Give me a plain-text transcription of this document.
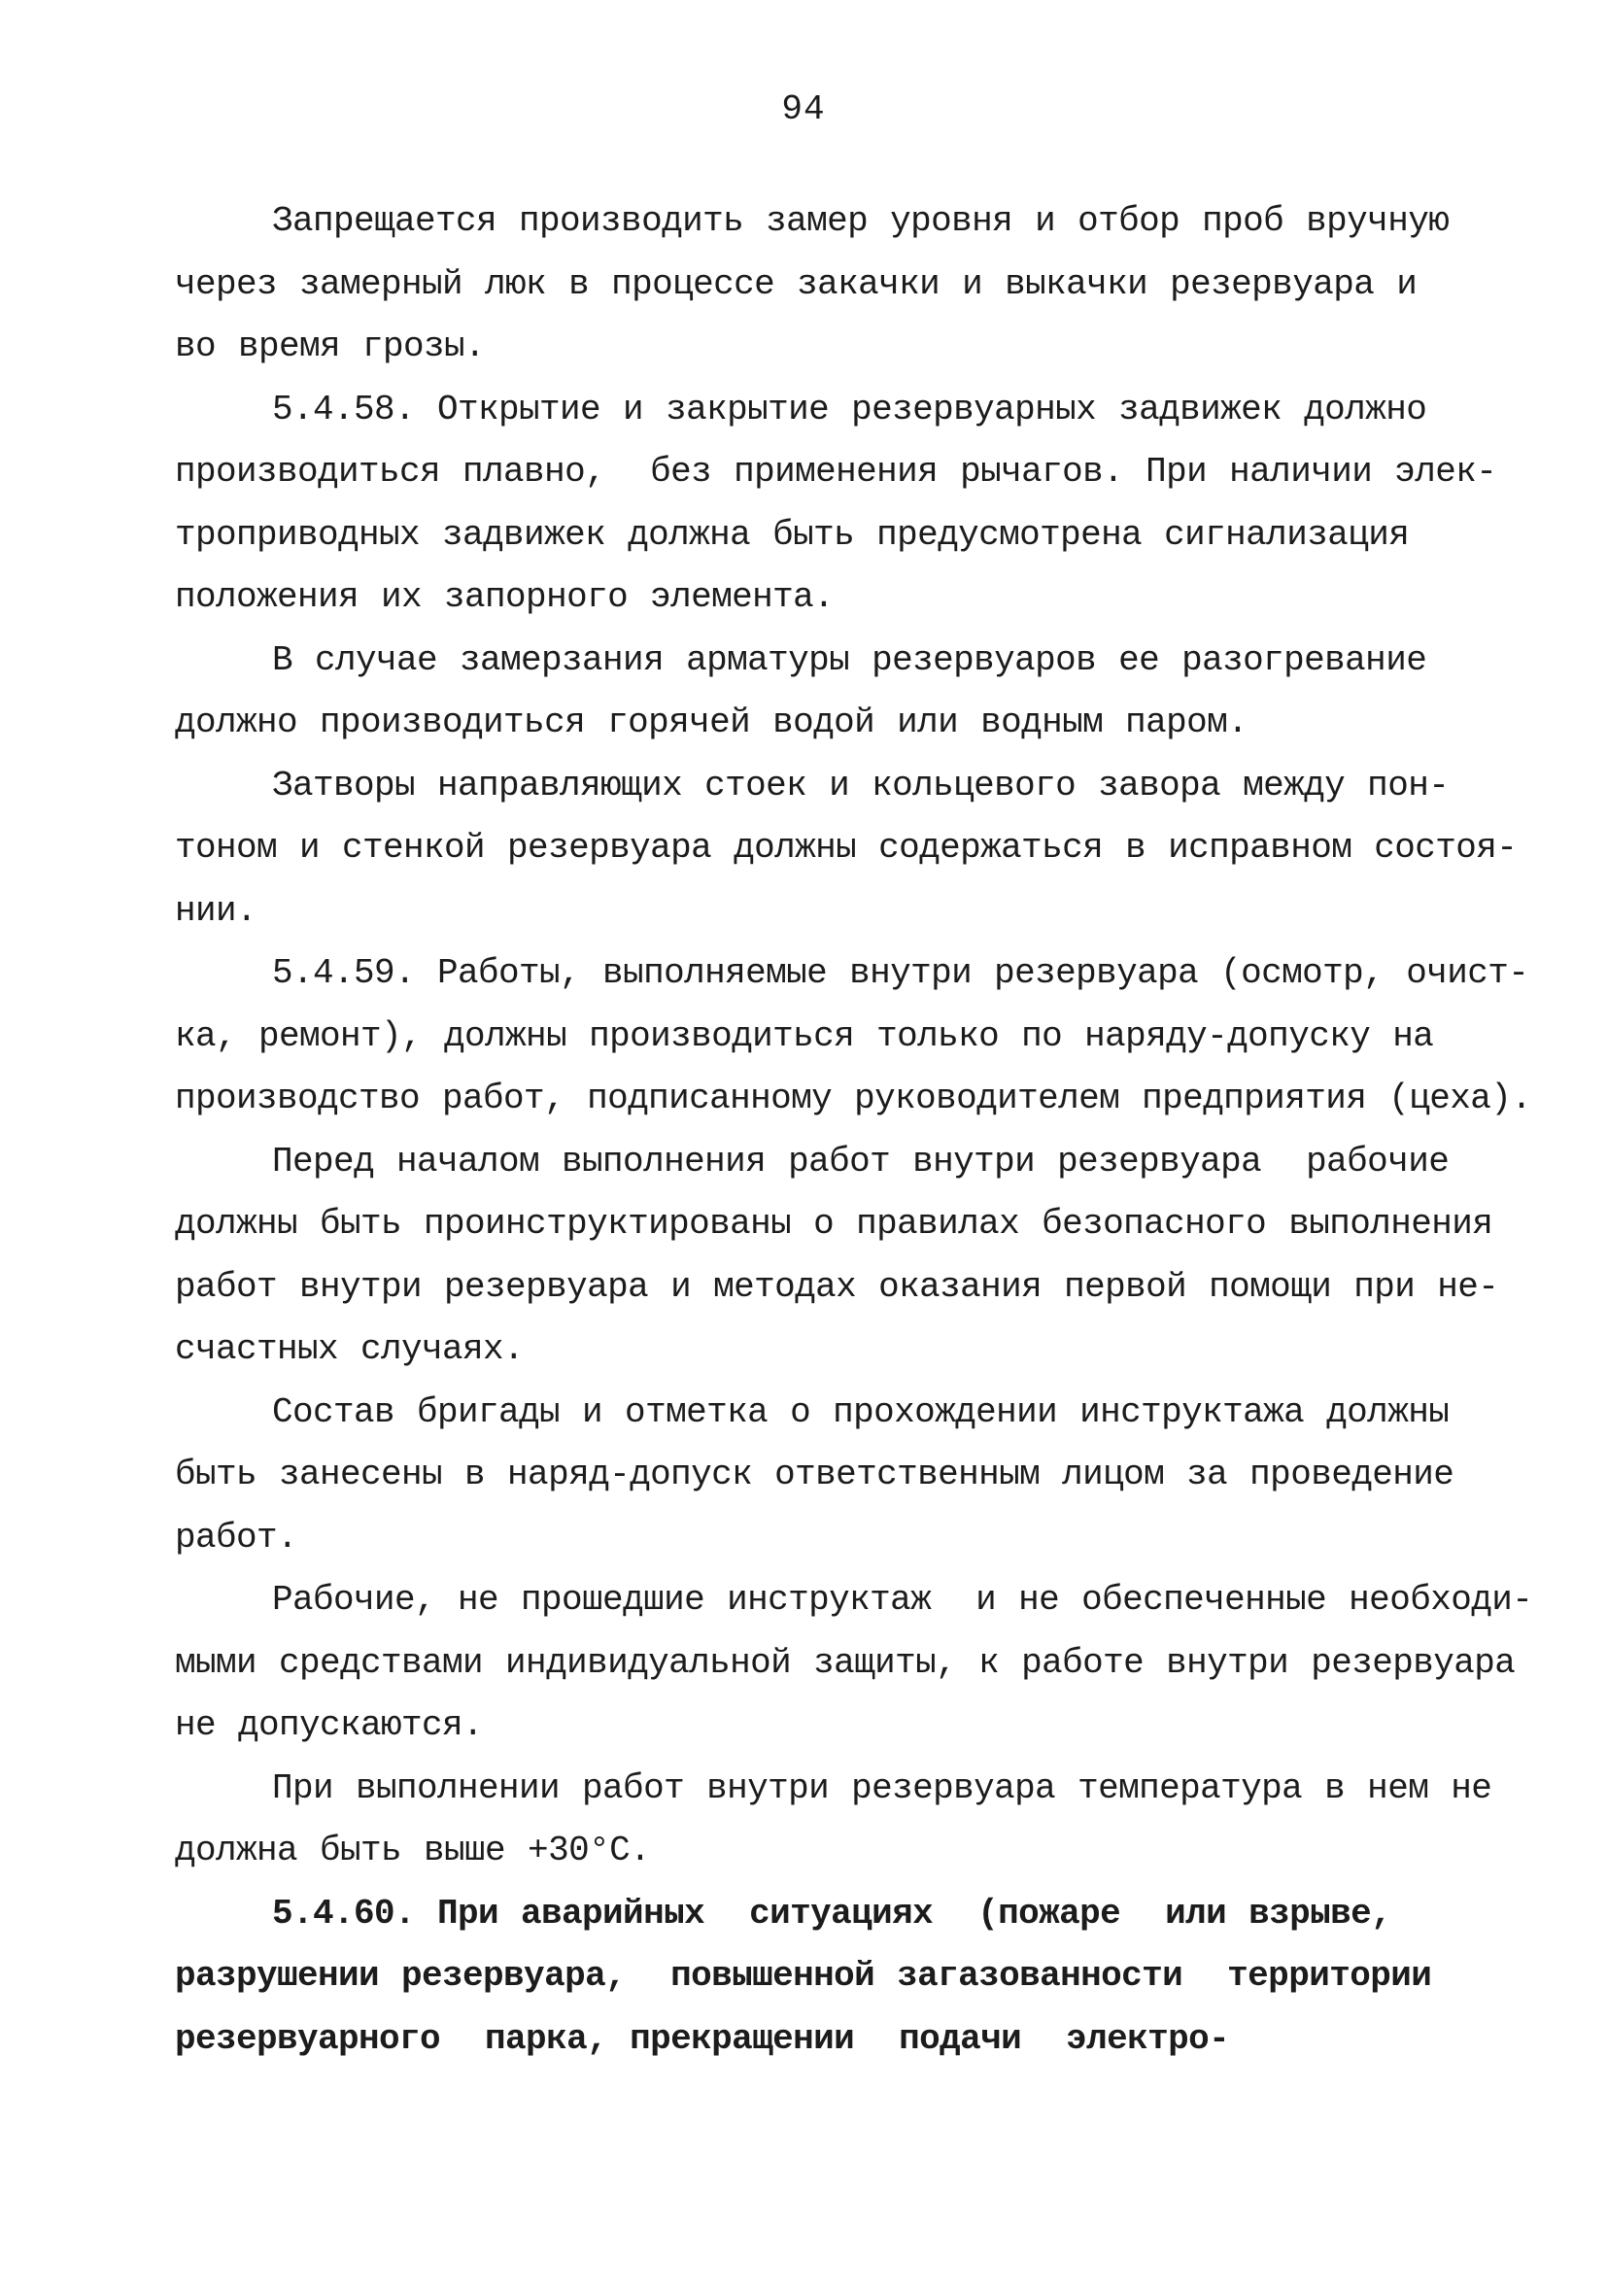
94
Запрещается производить замер уровня и отбор проб вручную
через замерный люк в процессе закачки и выкачки резервуара и
во время грозы.
5.4.58. Открытие и закрытие резервуарных задвижек должно
производиться плавно,  без применения рычагов. При наличии элек-
троприводных задвижек должна быть предусмотрена сигнализация
положения их запорного элемента.
В случае замерзания арматуры резервуаров ее разогревание
должно производиться горячей водой или водным паром.
Затворы направляющих стоек и кольцевого завора между пон-
тоном и стенкой резервуара должны содержаться в исправном состоя-
нии.
5.4.59. Работы, выполняемые внутри резервуара (осмотр, очист-
ка, ремонт), должны производиться только по наряду-допуску на
производство работ, подписанному руководителем предприятия (цеха).
Перед началом выполнения работ внутри резервуара  рабочие
должны быть проинструктированы о правилах безопасного выполнения
работ внутри резервуара и методах оказания первой помощи при не-
счастных случаях.
Состав бригады и отметка о прохождении инструктажа должны
быть занесены в наряд-допуск ответственным лицом за проведение
работ.
Рабочие, не прошедшие инструктаж  и не обеспеченные необходи-
мыми средствами индивидуальной защиты, к работе внутри резервуара
не допускаются.
При выполнении работ внутри резервуара температура в нем не
должна быть выше +30°С.
5.4.60. При аварийных  ситуациях  (пожаре  или взрыве,
разрушении резервуара,  повышенной загазованности  территории
резервуарного  парка, прекращении  подачи  электро-
